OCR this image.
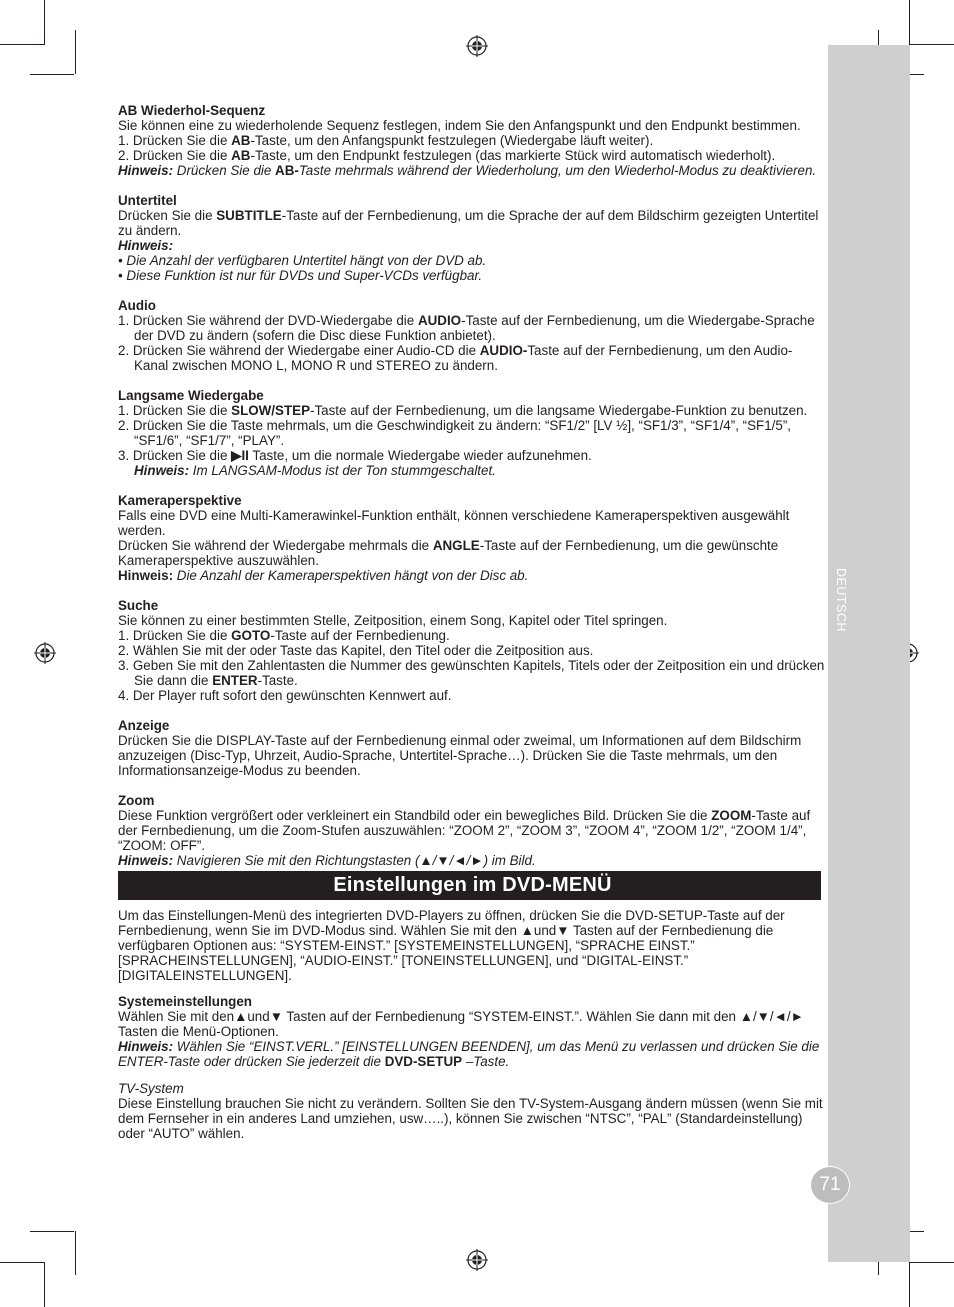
DEUTSCH
71

AB Wiederhol-Sequenz

Sie können eine zu wiederholende Sequenz festlegen, indem Sie den Anfangspunkt und den Endpunkt bestimmen.

1. Drücken Sie die AB-Taste, um den Anfangspunkt festzulegen (Wiedergabe läuft weiter).

2. Drücken Sie die AB-Taste, um den Endpunkt festzulegen (das markierte Stück wird automatisch wiederholt).

Hinweis: Drücken Sie die AB-Taste mehrmals während der Wiederholung, um den Wiederhol-Modus zu deaktivieren.

Untertitel

Drücken Sie die SUBTITLE-Taste auf der Fernbedienung, um die Sprache der auf dem Bildschirm gezeigten Untertitel zu ändern.

Hinweis:

• Die Anzahl der verfügbaren Untertitel hängt von der DVD ab.

• Diese Funktion ist nur für DVDs und Super-VCDs verfügbar.

Audio

1. Drücken Sie während der DVD-Wiedergabe die AUDIO-Taste auf der Fernbedienung, um die Wiedergabe-Sprache der DVD zu ändern (sofern die Disc diese Funktion anbietet).

2. Drücken Sie während der Wiedergabe einer Audio-CD die AUDIO-Taste auf der Fernbedienung, um den Audio-Kanal zwischen MONO L, MONO R und STEREO zu ändern.

Langsame Wiedergabe

1. Drücken Sie die SLOW/STEP-Taste auf der Fernbedienung, um die langsame Wiedergabe-Funktion zu benutzen.

2. Drücken Sie die Taste mehrmals, um die Geschwindigkeit zu ändern: “SF1/2” [LV ½], “SF1/3”, “SF1/4”, “SF1/5”, “SF1/6”, “SF1/7”, “PLAY”.

3. Drücken Sie die ▶II Taste, um die normale Wiedergabe wieder aufzunehmen.

Hinweis: Im LANGSAM-Modus ist der Ton stummgeschaltet.

Kameraperspektive

Falls eine DVD eine Multi-Kamerawinkel-Funktion enthält, können verschiedene Kameraperspektiven ausgewählt werden.

Drücken Sie während der Wiedergabe mehrmals die ANGLE-Taste auf der Fernbedienung, um die gewünschte Kameraperspektive auszuwählen.

Hinweis: Die Anzahl der Kameraperspektiven hängt von der Disc ab.

Suche

Sie können zu einer bestimmten Stelle, Zeitposition, einem Song, Kapitel oder Titel springen.

1. Drücken Sie die GOTO-Taste auf der Fernbedienung.

2. Wählen Sie mit der oder Taste das Kapitel, den Titel oder die Zeitposition aus.

3. Geben Sie mit den Zahlentasten die Nummer des gewünschten Kapitels, Titels oder der Zeitposition ein und drücken Sie dann die ENTER-Taste.

4. Der Player ruft sofort den gewünschten Kennwert auf.

Anzeige

Drücken Sie die DISPLAY-Taste auf der Fernbedienung einmal oder zweimal, um Informationen auf dem Bildschirm anzuzeigen (Disc-Typ, Uhrzeit, Audio-Sprache, Untertitel-Sprache…). Drücken Sie die Taste mehrmals, um den Informationsanzeige-Modus zu beenden.

Zoom

Diese Funktion vergrößert oder verkleinert ein Standbild oder ein bewegliches Bild. Drücken Sie die ZOOM-Taste auf der Fernbedienung, um die Zoom-Stufen auszuwählen: “ZOOM 2”, “ZOOM 3”, “ZOOM 4”, “ZOOM 1/2”, “ZOOM 1/4”, “ZOOM: OFF”.

Hinweis: Navigieren Sie mit den Richtungstasten (▲/▼/◄/►) im Bild.

Einstellungen im DVD-MENÜ

Um das Einstellungen-Menü des integrierten DVD-Players zu öffnen, drücken Sie die DVD-SETUP-Taste auf der Fernbedienung, wenn Sie im DVD-Modus sind. Wählen Sie mit den ▲und▼ Tasten auf der Fernbedienung die verfügbaren Optionen aus: “SYSTEM-EINST.” [SYSTEMEINSTELLUNGEN], “SPRACHE EINST.” [SPRACHEINSTELLUNGEN], “AUDIO-EINST.” [TONEINSTELLUNGEN], und “DIGITAL-EINST.” [DIGITALEINSTELLUNGEN].

Systemeinstellungen

Wählen Sie mit den▲und▼ Tasten auf der Fernbedienung “SYSTEM-EINST.”. Wählen Sie dann mit den ▲/▼/◄/► Tasten die Menü-Optionen.

Hinweis: Wählen Sie “EINST.VERL.” [EINSTELLUNGEN BEENDEN], um das Menü zu verlassen und drücken Sie die ENTER-Taste oder drücken Sie jederzeit die DVD-SETUP –Taste.

TV-System

Diese Einstellung brauchen Sie nicht zu verändern. Sollten Sie den TV-System-Ausgang ändern müssen (wenn Sie mit dem Fernseher in ein anderes Land umziehen, usw…..), können Sie zwischen “NTSC”, “PAL” (Standardeinstellung) oder “AUTO” wählen.
